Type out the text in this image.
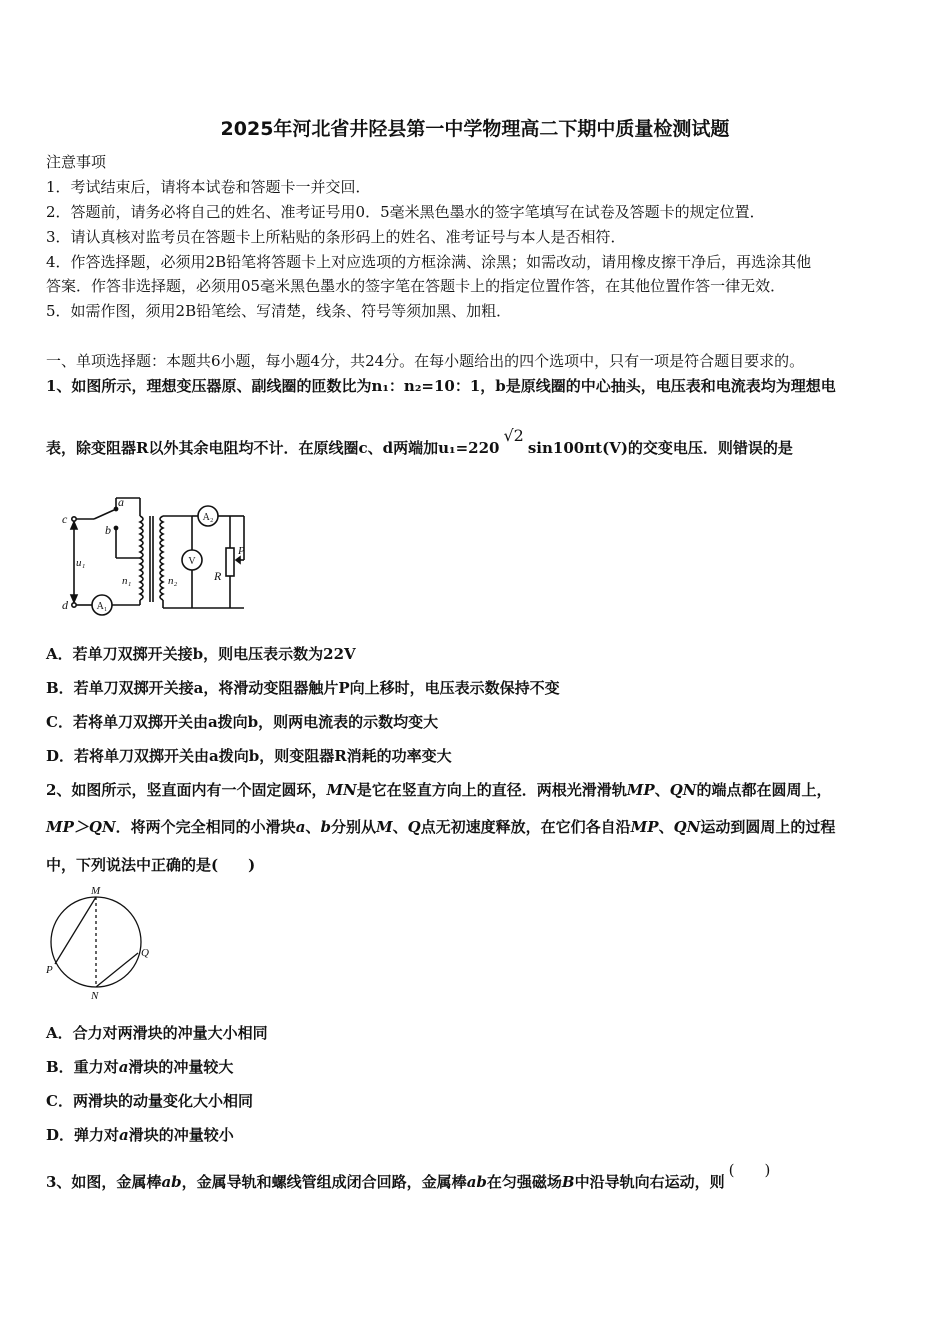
2025年河北省井陉县第一中学物理高二下期中质量检测试题
注意事项
1．考试结束后，请将本试卷和答题卡一并交回．
2．答题前，请务必将自己的姓名、准考证号用0．5毫米黑色墨水的签字笔填写在试卷及答题卡的规定位置．
3．请认真核对监考员在答题卡上所粘贴的条形码上的姓名、准考证号与本人是否相符．
4．作答选择题，必须用2B铅笔将答题卡上对应选项的方框涂满、涂黑；如需改动，请用橡皮擦干净后，再选涂其他
答案．作答非选择题，必须用05毫米黑色墨水的签字笔在答题卡上的指定位置作答，在其他位置作答一律无效．
5．如需作图，须用2B铅笔绘、写清楚，线条、符号等须加黑、加粗．
一、单项选择题：本题共6小题，每小题4分，共24分。在每小题给出的四个选项中，只有一项是符合题目要求的。
1、如图所示，理想变压器原、副线圈的匝数比为n₁：n₂=10：1，b是原线圈的中心抽头，电压表和电流表均为理想电
表，除变阻器R以外其余电阻均不计．在原线圈c、d两端加u₁=220√2sin100πt(V)的交变电压．则错误的是
c
d
a
b
u₁
n₁	n₂	R
P
V
A₂
A₁
A．若单刀双掷开关接b，则电压表示数为22V
B．若单刀双掷开关接a，将滑动变阻器触片P向上移时，电压表示数保持不变
C．若将单刀双掷开关由a拨向b，则两电流表的示数均变大
D．若将单刀双掷开关由a拨向b，则变阻器R消耗的功率变大
2、如图所示，竖直面内有一个固定圆环，MN是它在竖直方向上的直径．两根光滑滑轨MP、QN的端点都在圆周上，
MP＞QN．将两个完全相同的小滑块a、b分别从M、Q点无初速度释放，在它们各自沿MP、QN运动到圆周上的过程
中，下列说法中正确的是(　　)
M
N
P
Q
A．合力对两滑块的冲量大小相同
B．重力对a滑块的冲量较大
C．两滑块的动量变化大小相同
D．弹力对a滑块的冲量较小
3、如图，金属棒ab，金属导轨和螺线管组成闭合回路，金属棒ab在匀强磁场B中沿导轨向右运动，则(　　)
